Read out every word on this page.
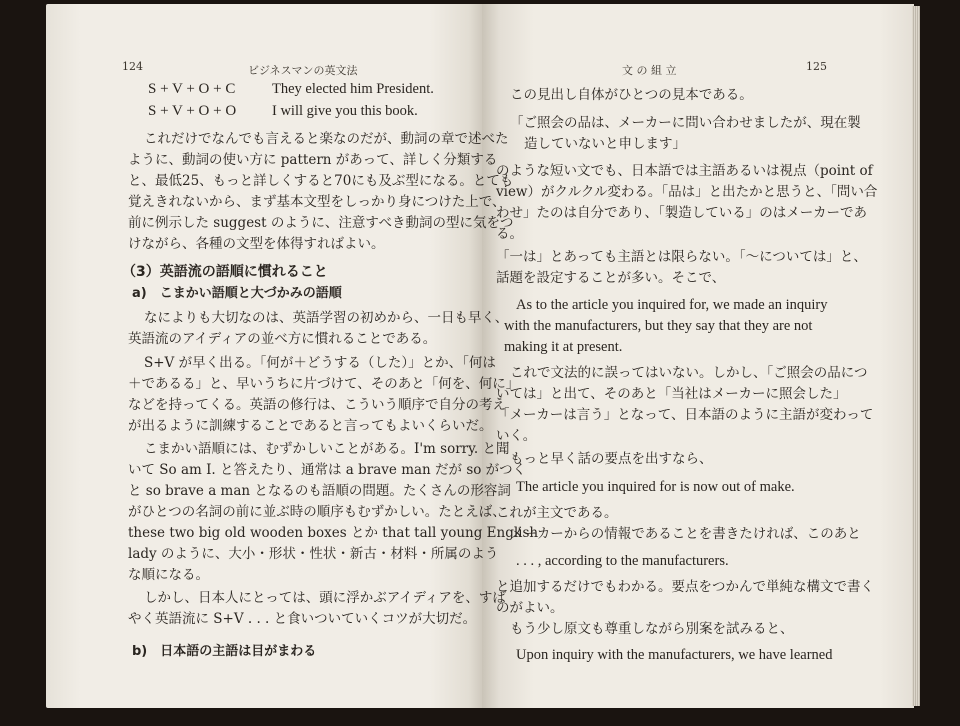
124	ビジネスマンの英文法
S + V + O + C	They elected him President.
S + V + O + O I will give you this book.
これだけでなんでも言えると楽なのだが、動詞の章で述べた
ように、動詞の使い方に pattern があって、詳しく分類する
と、最低25、もっと詳しくすると70にも及ぶ型になる。とても
覚えきれないから、まず基本文型をしっかり身につけた上で、
前に例示した suggest のように、注意すべき動詞の型に気をつ
けながら、各種の文型を体得すればよい。
（3）英語流の語順に慣れること
a)　こまかい語順と大づかみの語順
なによりも大切なのは、英語学習の初めから、一日も早く、
英語流のアイディアの並べ方に慣れることである。
S+V が早く出る。「何が＋どうする（した）」とか、「何は
＋であるる」と、早いうちに片づけて、そのあと「何を、何に」
などを持ってくる。英語の修行は、こういう順序で自分の考え
が出るように訓練することであると言ってもよいくらいだ。
こまかい語順には、むずかしいことがある。I'm sorry. と聞
いて So am I. と答えたり、通常は a brave man だが so がつく
と so brave a man となるのも語順の問題。たくさんの形容詞
がひとつの名詞の前に並ぶ時の順序もむずかしい。たとえば、
these two big old wooden boxes とか that tall young English
lady のように、大小・形状・性状・新古・材料・所属のよう
な順になる。
しかし、日本人にとっては、頭に浮かぶアイディアを、すば
やく英語流に S+V . . . と食いついていくコツが大切だ。
b)　日本語の主語は目がまわる
文 の 組 立	125
この見出し自体がひとつの見本である。
「ご照会の品は、メーカーに問い合わせましたが、現在製
造していないと申します」
のような短い文でも、日本語では主語あるいは視点（point of
view）がクルクル変わる。「品は」と出たかと思うと、「問い合
わせ」たのは自分であり、「製造している」のはメーカーであ
る。
「一は」とあっても主語とは限らない。「～については」と、
話題を設定することが多い。そこで、
As to the article you inquired for, we made an inquiry
with the manufacturers, but they say that they are not
making it at present.
これで文法的に誤ってはいない。しかし、「ご照会の品につ
いては」と出て、そのあと「当社はメーカーに照会した」
「メーカーは言う」となって、日本語のように主語が変わって
いく。
もっと早く話の要点を出すなら、
The article you inquired for is now out of make.
これが主文である。
メーカーからの情報であることを書きたければ、このあと
. . . , according to the manufacturers.
と追加するだけでもわかる。要点をつかんで単純な構文で書く
のがよい。
もう少し原文も尊重しながら別案を試みると、
Upon inquiry with the manufacturers, we have learned
